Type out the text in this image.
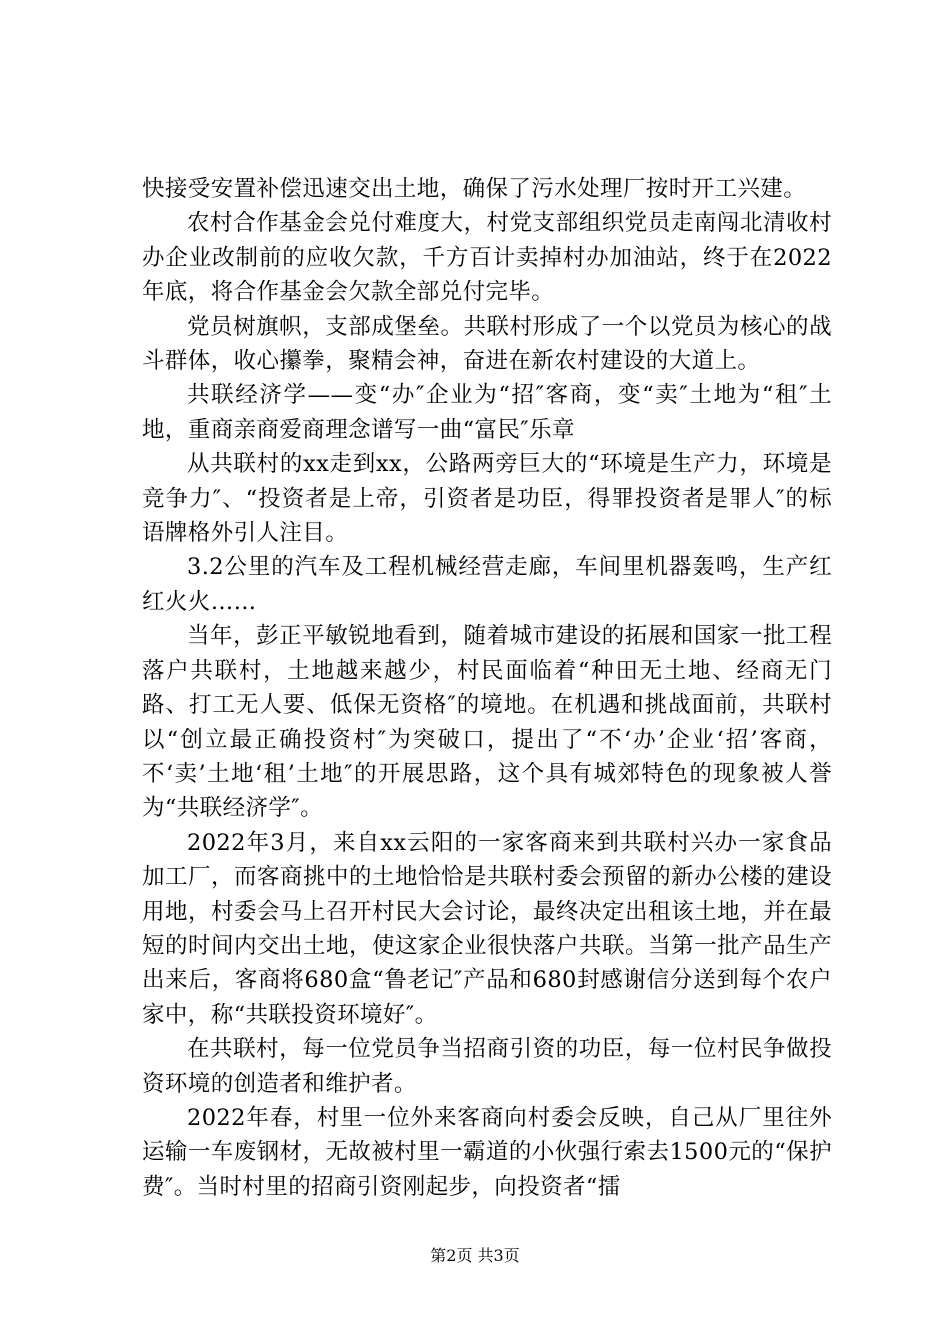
快接受安置补偿迅速交出土地，确保了污水处理厂按时开工兴建。

农村合作基金会兑付难度大，村党支部组织党员走南闯北清收村办企业改制前的应收欠款，千方百计卖掉村办加油站，终于在2022年底，将合作基金会欠款全部兑付完毕。

党员树旗帜，支部成堡垒。共联村形成了一个以党员为核心的战斗群体，收心攥拳，聚精会神，奋进在新农村建设的大道上。

共联经济学——变“办″企业为“招″客商，变“卖″土地为“租″土地，重商亲商爱商理念谱写一曲“富民″乐章

从共联村的xx走到xx，公路两旁巨大的“环境是生产力，环境是竞争力″、“投资者是上帝，引资者是功臣，得罪投资者是罪人″的标语牌格外引人注目。

3.2公里的汽车及工程机械经营走廊，车间里机器轰鸣，生产红红火火……

当年，彭正平敏锐地看到，随着城市建设的拓展和国家一批工程落户共联村，土地越来越少，村民面临着“种田无土地、经商无门路、打工无人要、低保无资格″的境地。在机遇和挑战面前，共联村以“创立最正确投资村″为突破口，提出了“不‘办’企业‘招’客商，不‘卖’土地‘租’土地″的开展思路，这个具有城郊特色的现象被人誉为“共联经济学″。

2022年3月，来自xx云阳的一家客商来到共联村兴办一家食品加工厂，而客商挑中的土地恰恰是共联村委会预留的新办公楼的建设用地，村委会马上召开村民大会讨论，最终决定出租该土地，并在最短的时间内交出土地，使这家企业很快落户共联。当第一批产品生产出来后，客商将680盒“鲁老记″产品和680封感谢信分送到每个农户家中，称“共联投资环境好″。

在共联村，每一位党员争当招商引资的功臣，每一位村民争做投资环境的创造者和维护者。

2022年春，村里一位外来客商向村委会反映，自己从厂里往外运输一车废钢材，无故被村里一霸道的小伙强行索去1500元的“保护费″。当时村里的招商引资刚起步，向投资者“擂

第2页 共3页
